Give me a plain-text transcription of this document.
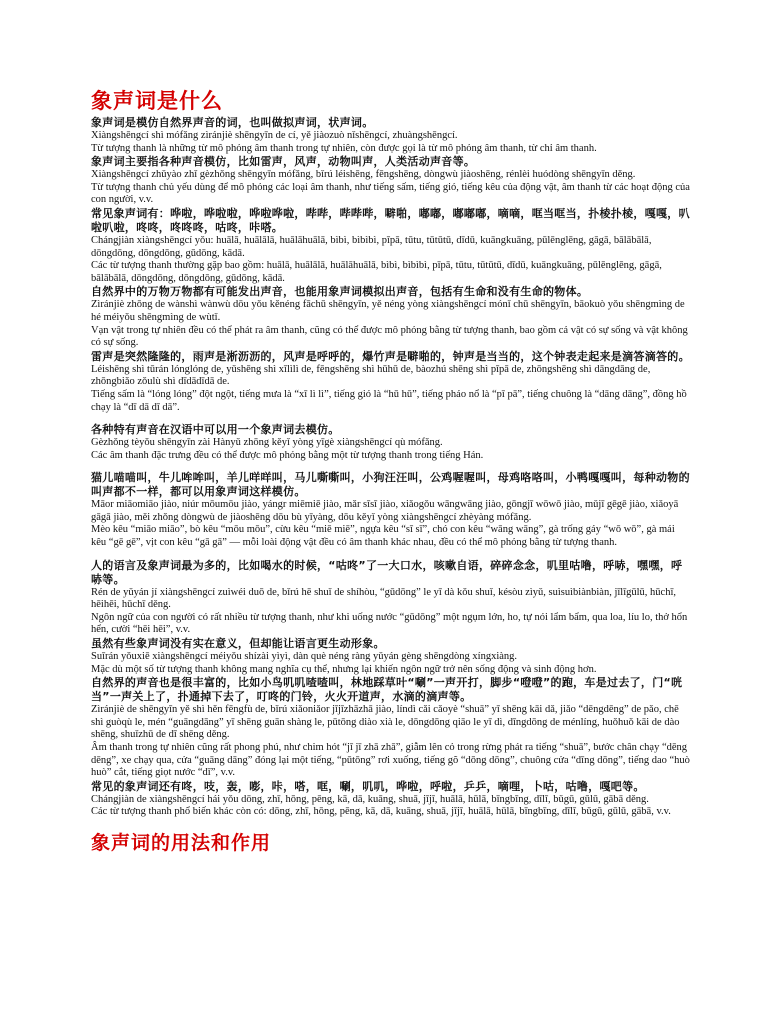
象声词是什么

象声词是模仿自然界声音的词，也叫做拟声词，状声词。

Xiàngshēngcí shì mófǎng zìránjiè shēngyīn de cí, yě jiàozuò nǐshēngcí, zhuàngshēngcí.

Từ tượng thanh là những từ mô phỏng âm thanh trong tự nhiên, còn được gọi là từ mô phỏng âm thanh, từ chỉ âm thanh.

象声词主要指各种声音模仿，比如雷声，风声，动物叫声，人类活动声音等。

Xiàngshēngcí zhǔyào zhǐ gèzhǒng shēngyīn mófǎng, bǐrú léishēng, fēngshēng, dòngwù jiàoshēng, rénlèi huódòng shēngyīn děng.

Từ tượng thanh chủ yếu dùng để mô phỏng các loại âm thanh, như tiếng sấm, tiếng gió, tiếng kêu của động vật, âm thanh từ các hoạt động của con người, v.v.

常见象声词有：哗啦，哗啦啦，哗啦哗啦，哔哔，哔哔哔，噼啪，嘟嘟，嘟嘟嘟，嘀嘀，哐当哐当，扑棱扑棱，嘎嘎，叭啦叭啦，咚咚，咚咚咚，咕咚，咔嗒。

Chángjiàn xiàngshēngcí yǒu: huālā, huālālā, huālāhuālā, bìbì, bìbìbì, pīpā, tūtu, tūtūtū, dīdū, kuāngkuāng, pūlēnglēng, gāgā, bālābālā, dōngdōng, dōngdōng, gūdōng, kādā.

Các từ tượng thanh thường gặp bao gồm: huālā, huālālā, huālāhuālā, bìbì, bìbìbì, pīpā, tūtu, tūtūtū, dīdū, kuāngkuāng, pūlēnglēng, gāgā, bālābālā, dōngdōng, dōngdōng, gūdōng, kādā.

自然界中的万物万物都有可能发出声音，也能用象声词模拟出声音，包括有生命和没有生命的物体。

Zìránjiè zhōng de wànshì wànwù dōu yǒu kěnéng fāchū shēngyīn, yě néng yòng xiàngshēngcí mónǐ chū shēngyīn, bāokuò yǒu shēngmìng de hé méiyǒu shēngmìng de wùtǐ.

Vạn vật trong tự nhiên đều có thể phát ra âm thanh, cũng có thể được mô phỏng bằng từ tượng thanh, bao gồm cả vật có sự sống và vật không có sự sống.

雷声是突然隆隆的，雨声是淅沥沥的，风声是呼呼的，爆竹声是噼啪的，钟声是当当的，这个钟表走起来是滴答滴答的。

Léishēng shì tūrán lónglóng de, yǔshēng shì xīlìlì de, fēngshēng shì hūhū de, bàozhú shēng shì pīpā de, zhōngshēng shì dāngdāng de, zhōngbiǎo zǒulù shì dīdādīdā de.

Tiếng sấm là “lóng lóng” đột ngột, tiếng mưa là “xī lì lì”, tiếng gió là “hū hū”, tiếng pháo nổ là “pī pā”, tiếng chuông là “dāng dāng”, đồng hồ chạy là “dī dā dī dā”.

各种特有声音在汉语中可以用一个象声词去模仿。

Gèzhǒng tèyǒu shēngyīn zài Hànyǔ zhōng kěyǐ yòng yīgè xiàngshēngcí qù mófǎng.

Các âm thanh đặc trưng đều có thể được mô phỏng bằng một từ tượng thanh trong tiếng Hán.

猫儿喵喵叫，牛儿哞哞叫，羊儿咩咩叫，马儿嘶嘶叫，小狗汪汪叫，公鸡喔喔叫，母鸡咯咯叫，小鸭嘎嘎叫，每种动物的叫声都不一样，都可以用象声词这样模仿。

Māor miāomiāo jiào, niúr mōumōu jiào, yángr miēmiē jiào, mǎr sīsī jiào, xiǎogǒu wāngwāng jiào, gōngjī wōwō jiào, mǔjī gēgē jiào, xiǎoyā gāgā jiào, měi zhǒng dòngwù de jiàoshēng dōu bù yīyàng, dōu kěyǐ yòng xiàngshēngcí zhèyàng mófǎng.

Mèo kêu “miāo miāo”, bò kêu “mōu mōu”, cừu kêu “miē miē”, ngựa kêu “sī sī”, chó con kêu “wāng wāng”, gà trống gáy “wō wō”, gà mái kêu “gē gē”, vịt con kêu “gā gā” — mỗi loài động vật đều có âm thanh khác nhau, đều có thể mô phỏng bằng từ tượng thanh.

人的语言及象声词最为多的，比如喝水的时候，“咕咚”了一大口水，咳嗽自语，碎碎念念，叽里咕噜，呼哧，嘿嘿，呼哧等。

Rén de yǔyán jí xiàngshēngcí zuìwéi duō de, bǐrú hē shuǐ de shíhòu, “gūdōng” le yī dà kǒu shuǐ, késòu zìyǔ, suìsuìbiànbiàn, jīlīgūlū, hūchī, hēihēi, hūchī děng.

Ngôn ngữ của con người có rất nhiều từ tượng thanh, như khi uống nước “gūdōng” một ngụm lớn, ho, tự nói lẩm bẩm, qua loa, líu lo, thở hổn hển, cười “hēi hēi”, v.v.

虽然有些象声词没有实在意义，但却能让语言更生动形象。

Suīrán yǒuxiē xiàngshēngcí méiyǒu shízài yìyì, dàn què néng ràng yǔyán gèng shēngdòng xíngxiàng.

Mặc dù một số từ tượng thanh không mang nghĩa cụ thể, nhưng lại khiến ngôn ngữ trở nên sống động và sinh động hơn.

自然界的声音也是很丰富的，比如小鸟叽叽喳喳叫，林地踩草叶“唰”一声开打，脚步“噔噔”的跑，车是过去了，门“咣当”一声关上了，扑通掉下去了，叮咚的门铃，火火开道声，水滴的滴声等。

Zìránjiè de shēngyīn yě shì hěn fēngfù de, bǐrú xiǎoniǎor jījīzhāzhā jiào, líndì cǎi cǎoyè “shuā” yī shēng kāi dǎ, jiǎo “dēngdēng” de pǎo, chē shì guòqù le, mén “guāngdāng” yī shēng guān shàng le, pūtōng diào xià le, dōngdōng qiāo le yī dì, dīngdōng de ménlíng, huǒhuǒ kāi de dào shēng, shuǐzhū de dī shēng děng.

Âm thanh trong tự nhiên cũng rất phong phú, như chim hót “jī jī zhā zhā”, giẫm lên cỏ trong rừng phát ra tiếng “shuā”, bước chân chạy “dēng dēng”, xe chạy qua, cửa “guāng dāng” đóng lại một tiếng, “pūtōng” rơi xuống, tiếng gõ “dōng dōng”, chuông cửa “dīng dōng”, tiếng dao “huò huò” cắt, tiếng giọt nước “dī”, v.v.

常见的象声词还有咚，吱，轰，嘭，咔，嗒，哐，唰，叽叽，哗啦，呼啦，乒乒，嘀哩，卜咕，咕噜，嘎吧等。

Chángjiàn de xiàngshēngcí hái yǒu dōng, zhī, hōng, pēng, kā, dā, kuāng, shuā, jījī, huālā, hūlā, bīngbīng, dīlī, bǔgū, gūlū, gābā děng.

Các từ tượng thanh phổ biến khác còn có: dōng, zhī, hōng, pēng, kā, dā, kuāng, shuā, jījī, huālā, hūlā, bīngbīng, dīlī, bǔgū, gūlū, gābā, v.v.

象声词的用法和作用
